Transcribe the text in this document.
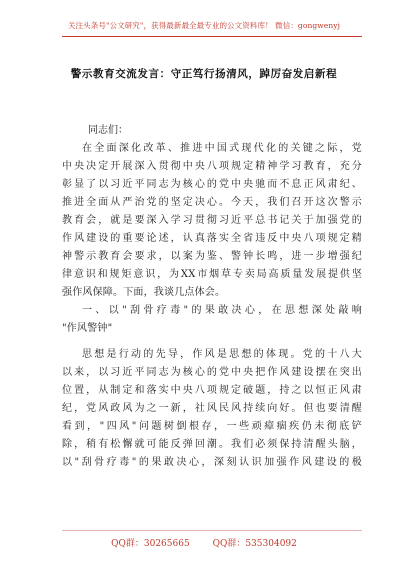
关注头条号"公文研究"，获得最新最全最专业的公文资料库！ 微信：gongwenyj
警示教育交流发言：守正笃行扬清风，踔厉奋发启新程
同志们：
在全面深化改革、推进中国式现代化的关键之际，党
中央决定开展深入贯彻中央八项规定精神学习教育，充分
彰显了以习近平同志为核心的党中央驰而不息正风肃纪、
推进全面从严治党的坚定决心。今天，我们召开这次警示
教育会，就是要深入学习贯彻习近平总书记关于加强党的
作风建设的重要论述，认真落实全省违反中央八项规定精
神警示教育会要求，以案为鉴、警钟长鸣，进一步增强纪
律意识和规矩意识，为XX市烟草专卖局高质量发展提供坚
强作风保障。下面，我谈几点体会。
一、以"刮骨疗毒"的果敢决心，在思想深处敲响
"作风警钟"
思想是行动的先导，作风是思想的体现。党的十八大
以来，以习近平同志为核心的党中央把作风建设摆在突出
位置，从制定和落实中央八项规定破题，持之以恒正风肃
纪，党风政风为之一新，社风民风持续向好。但也要清醒
看到，"四风"问题树倒根存，一些顽瘴痼疾仍未彻底铲
除，稍有松懈就可能反弹回潮。我们必须保持清醒头脑，
以"刮骨疗毒"的果敢决心，深刻认识加强作风建设的极
QQ群：30265665	QQ群：535304092
